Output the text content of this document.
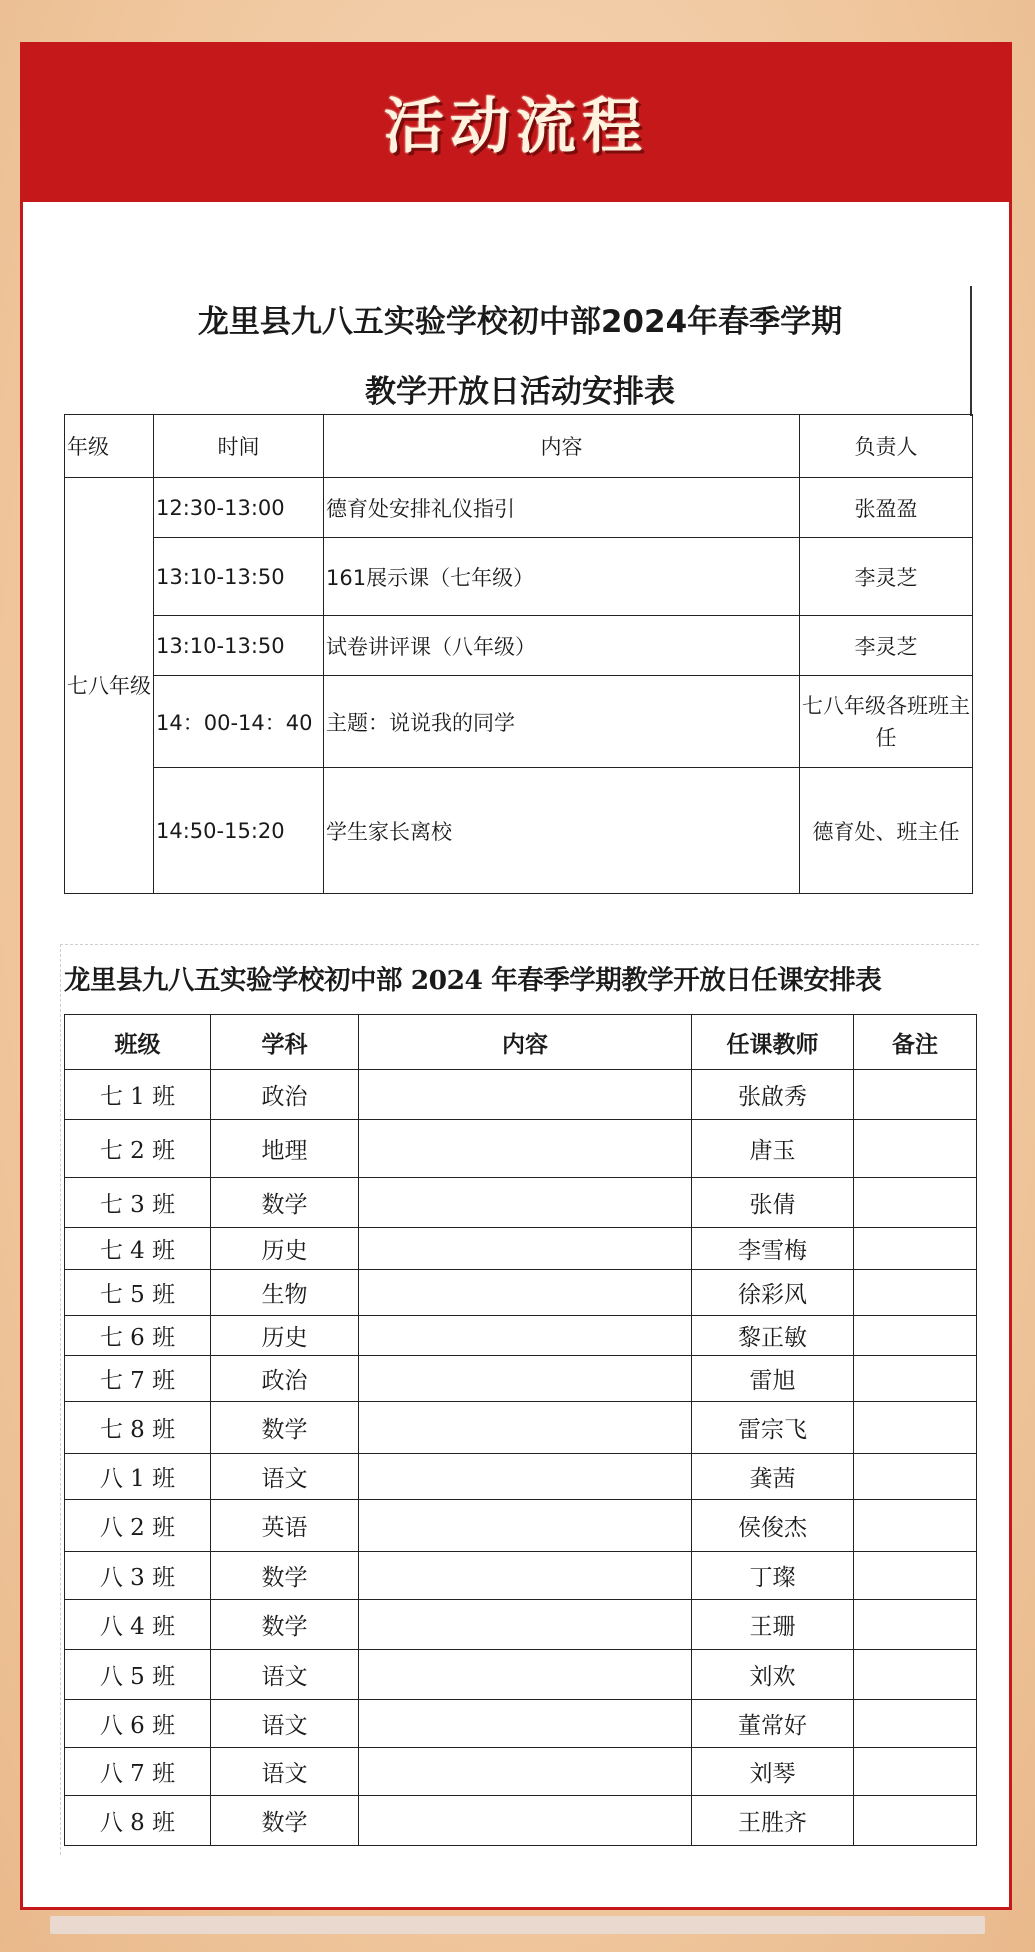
活动流程
龙里县九八五实验学校初中部2024年春季学期
教学开放日活动安排表
年级	时间	内容	负责人
七八年级	12:30-13:00	德育处安排礼仪指引	张盈盈
	13:10-13:50	161展示课（七年级）	李灵芝
	13:10-13:50	试卷讲评课（八年级）	李灵芝
	14：00-14：40	主题：说说我的同学	七八年级各班班主任
	14:50-15:20	学生家长离校	德育处、班主任
龙里县九八五实验学校初中部 2024 年春季学期教学开放日任课安排表
班级	学科	内容	任课教师	备注
七 1 班	政治		张啟秀	
七 2 班	地理		唐玉	
七 3 班	数学		张倩	
七 4 班	历史		李雪梅	
七 5 班	生物		徐彩风	
七 6 班	历史		黎正敏	
七 7 班	政治		雷旭	
七 8 班	数学		雷宗飞	
八 1 班	语文		龚茜	
八 2 班	英语		侯俊杰	
八 3 班	数学		丁璨	
八 4 班	数学		王珊	
八 5 班	语文		刘欢	
八 6 班	语文		董常好	
八 7 班	语文		刘琴	
八 8 班	数学		王胜齐	
